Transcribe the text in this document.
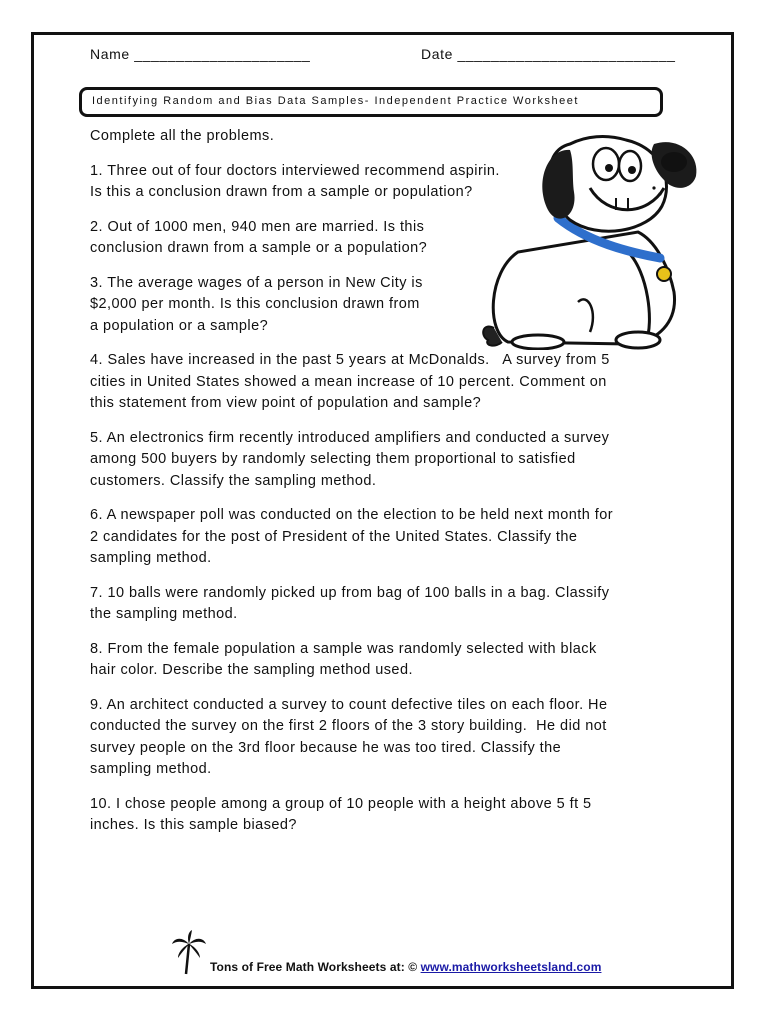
Name _____________________	Date __________________________
Identifying Random and Bias Data Samples- Independent Practice Worksheet

Complete all the problems.

1. Three out of four doctors interviewed recommend aspirin.
Is this a conclusion drawn from a sample or population?

2. Out of 1000 men, 940 men are married. Is this
conclusion drawn from a sample or a population?

3. The average wages of a person in New City is
$2,000 per month. Is this conclusion drawn from
a population or a sample?

4. Sales have increased in the past 5 years at McDonalds.   A survey from 5
cities in United States showed a mean increase of 10 percent. Comment on
this statement from view point of population and sample?

5. An electronics firm recently introduced amplifiers and conducted a survey
among 500 buyers by randomly selecting them proportional to satisfied
customers. Classify the sampling method.

6. A newspaper poll was conducted on the election to be held next month for
2 candidates for the post of President of the United States. Classify the
sampling method.

7. 10 balls were randomly picked up from bag of 100 balls in a bag. Classify
the sampling method.

8. From the female population a sample was randomly selected with black
hair color. Describe the sampling method used.

9. An architect conducted a survey to count defective tiles on each floor. He
conducted the survey on the first 2 floors of the 3 story building.  He did not
survey people on the 3rd floor because he was too tired. Classify the
sampling method.

10. I chose people among a group of 10 people with a height above 5 ft 5
inches. Is this sample biased?

Tons of Free Math Worksheets at: © www.mathworksheetsland.com
